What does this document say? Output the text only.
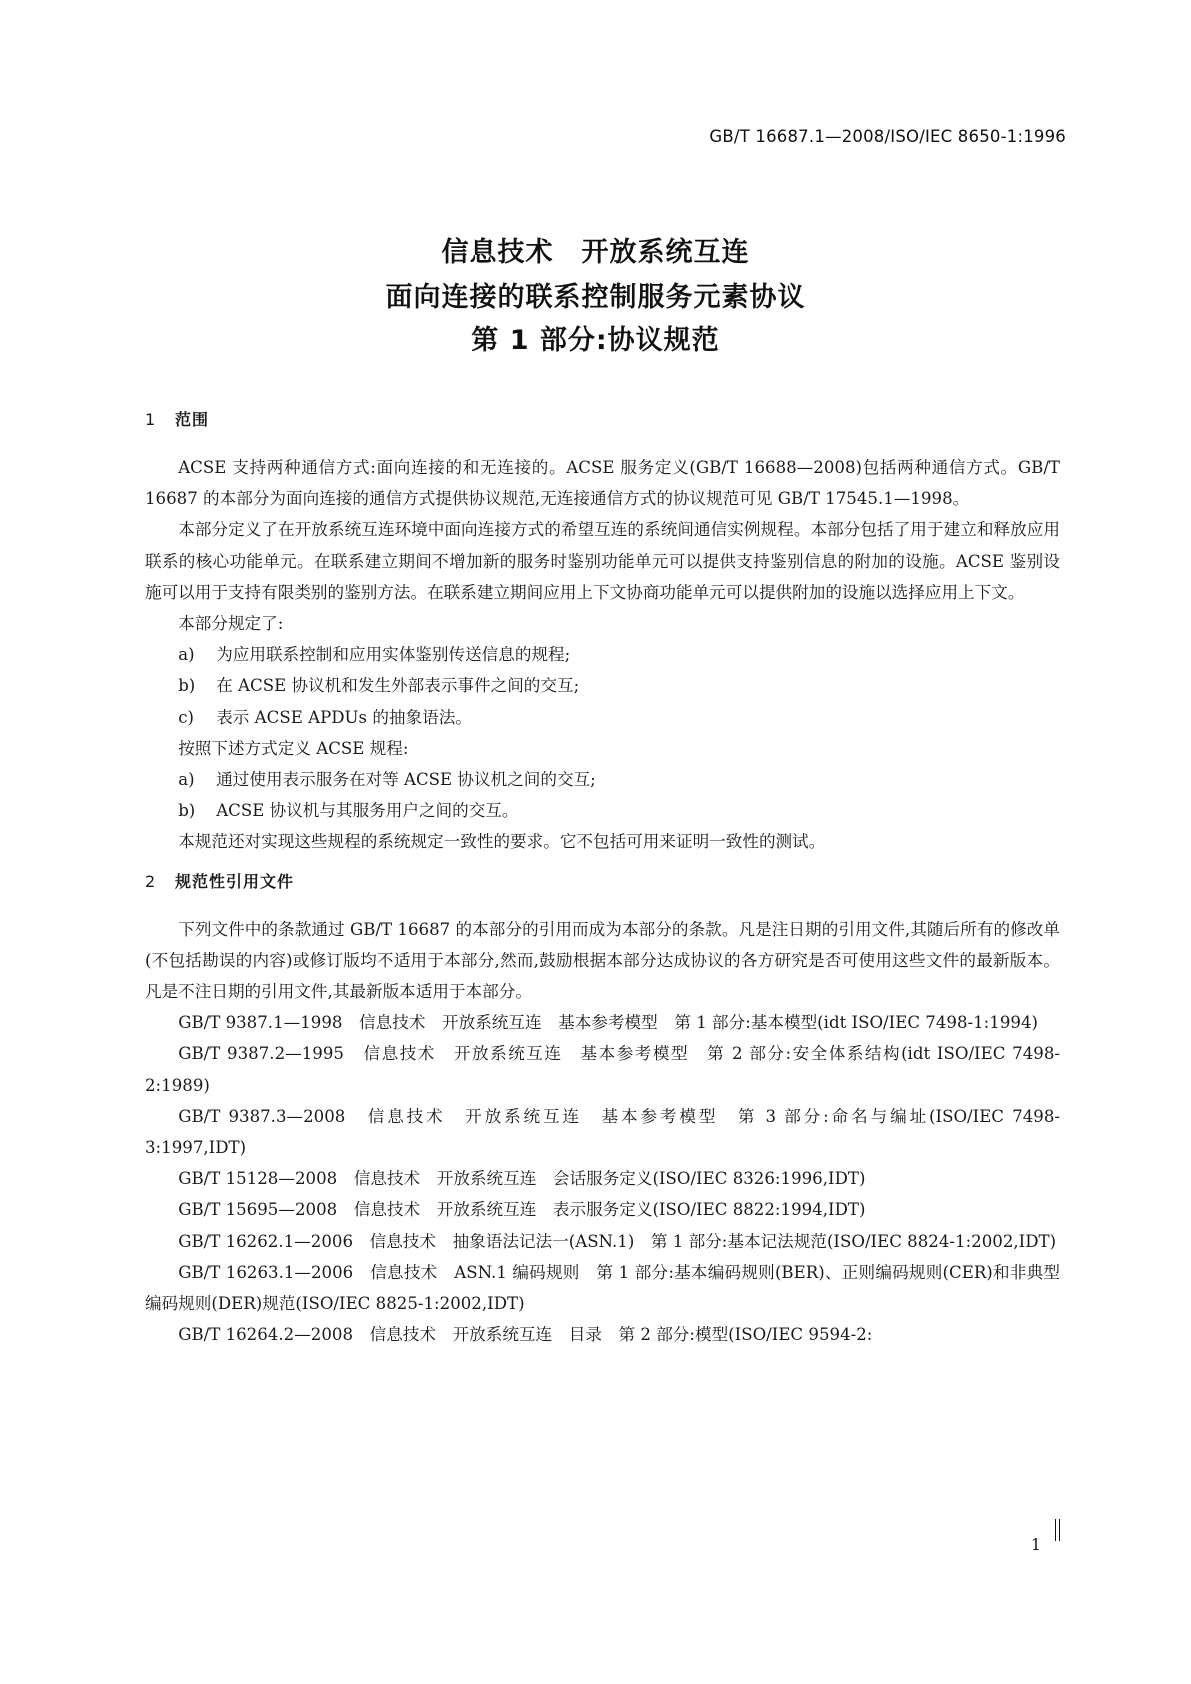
GB/T 16687.1—2008/ISO/IEC 8650-1:1996
信息技术　开放系统互连
面向连接的联系控制服务元素协议
第 1 部分:协议规范
1 范围

ACSE 支持两种通信方式:面向连接的和无连接的。ACSE 服务定义(GB/T 16688—2008)包括两种通信方式。GB/T 16687 的本部分为面向连接的通信方式提供协议规范,无连接通信方式的协议规范可见 GB/T 17545.1—1998。

本部分定义了在开放系统互连环境中面向连接方式的希望互连的系统间通信实例规程。本部分包括了用于建立和释放应用联系的核心功能单元。在联系建立期间不增加新的服务时鉴别功能单元可以提供支持鉴别信息的附加的设施。ACSE 鉴别设施可以用于支持有限类别的鉴别方法。在联系建立期间应用上下文协商功能单元可以提供附加的设施以选择应用上下文。

本部分规定了:

a) 为应用联系控制和应用实体鉴别传送信息的规程;

b) 在 ACSE 协议机和发生外部表示事件之间的交互;

c) 表示 ACSE APDUs 的抽象语法。

按照下述方式定义 ACSE 规程:

a) 通过使用表示服务在对等 ACSE 协议机之间的交互;

b) ACSE 协议机与其服务用户之间的交互。

本规范还对实现这些规程的系统规定一致性的要求。它不包括可用来证明一致性的测试。

2 规范性引用文件

下列文件中的条款通过 GB/T 16687 的本部分的引用而成为本部分的条款。凡是注日期的引用文件,其随后所有的修改单(不包括勘误的内容)或修订版均不适用于本部分,然而,鼓励根据本部分达成协议的各方研究是否可使用这些文件的最新版本。凡是不注日期的引用文件,其最新版本适用于本部分。

GB/T 9387.1—1998　信息技术　开放系统互连　基本参考模型　第 1 部分:基本模型(idt ISO/IEC 7498-1:1994)

GB/T 9387.2—1995　信息技术　开放系统互连　基本参考模型　第 2 部分:安全体系结构(idt ISO/IEC 7498-2:1989)

GB/T 9387.3—2008　信息技术　开放系统互连　基本参考模型　第 3 部分:命名与编址(ISO/IEC 7498-3:1997,IDT)

GB/T 15128—2008　信息技术　开放系统互连　会话服务定义(ISO/IEC 8326:1996,IDT)

GB/T 15695—2008　信息技术　开放系统互连　表示服务定义(ISO/IEC 8822:1994,IDT)

GB/T 16262.1—2006　信息技术　抽象语法记法一(ASN.1)　第 1 部分:基本记法规范(ISO/IEC 8824-1:2002,IDT)

GB/T 16263.1—2006　信息技术　ASN.1 编码规则　第 1 部分:基本编码规则(BER)、正则编码规则(CER)和非典型编码规则(DER)规范(ISO/IEC 8825-1:2002,IDT)

GB/T 16264.2—2008　信息技术　开放系统互连　目录　第 2 部分:模型(ISO/IEC 9594-2:

1
